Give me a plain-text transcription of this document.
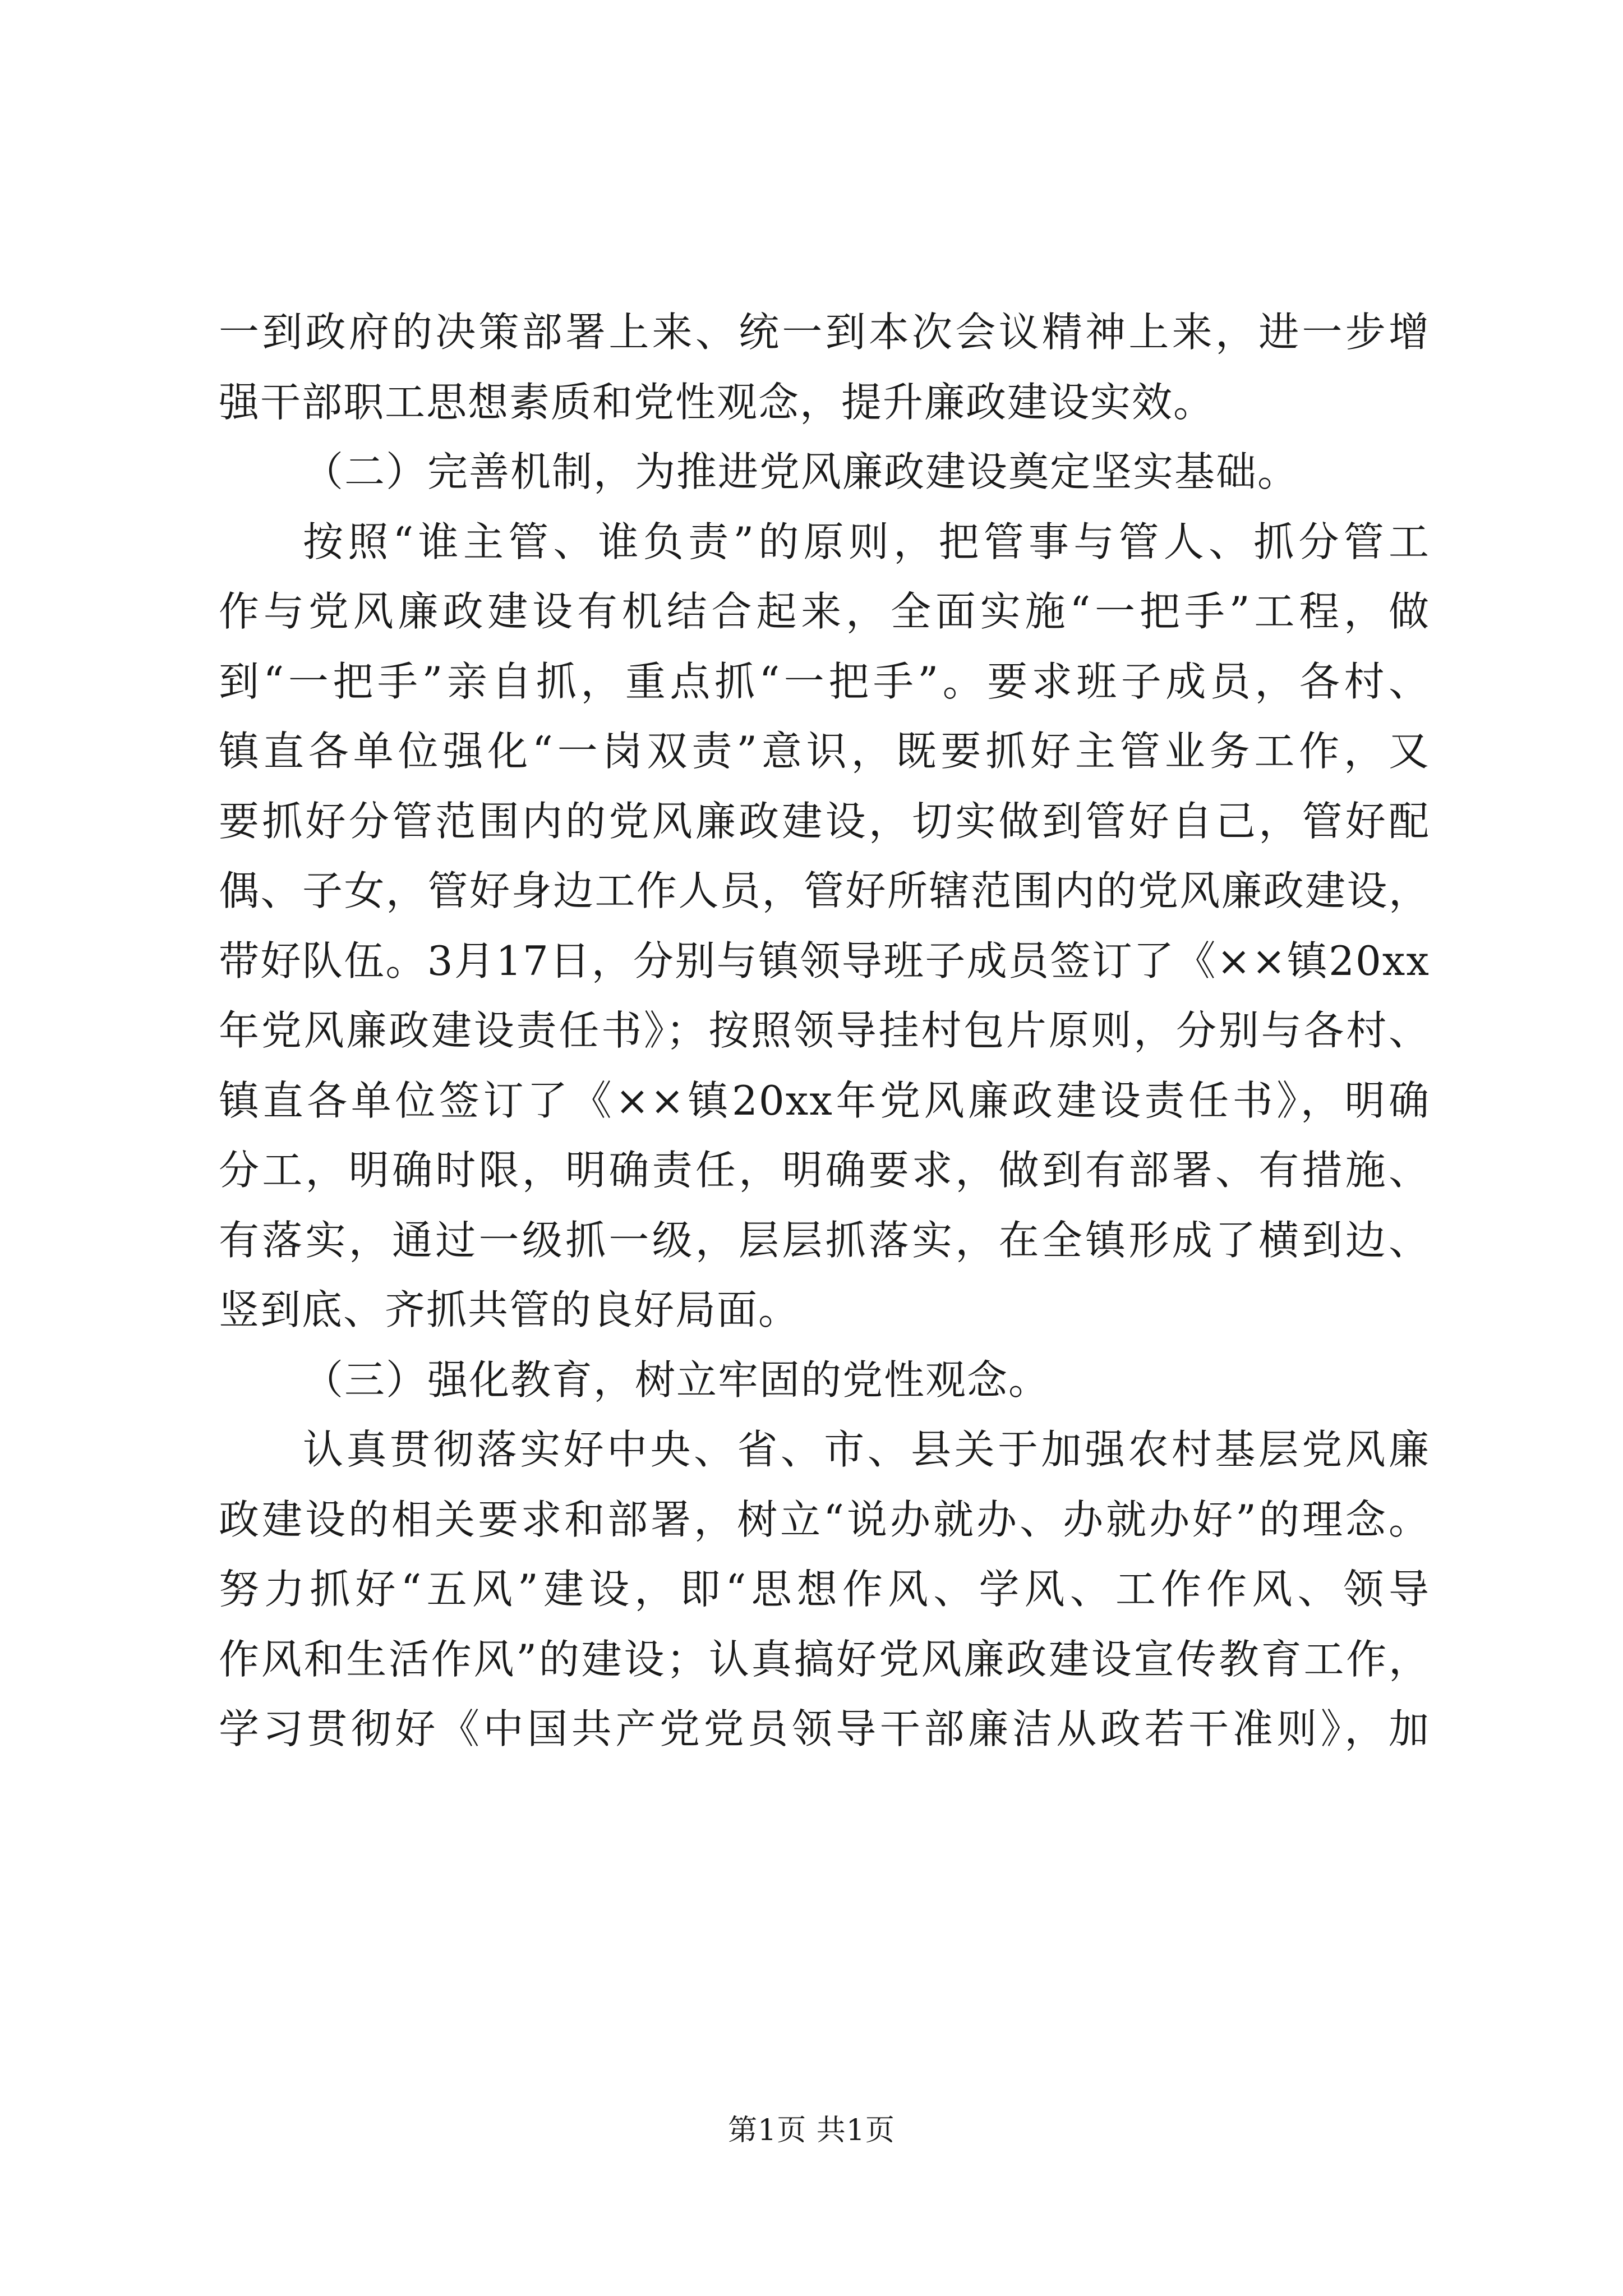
一到政府的决策部署上来、统一到本次会议精神上来，进一步增
强干部职工思想素质和党性观念，提升廉政建设实效。
（二）完善机制，为推进党风廉政建设奠定坚实基础。
按照“谁主管、谁负责”的原则，把管事与管人、抓分管工
作与党风廉政建设有机结合起来，全面实施“一把手”工程，做
到“一把手”亲自抓，重点抓“一把手”。要求班子成员，各村、
镇直各单位强化“一岗双责”意识，既要抓好主管业务工作，又
要抓好分管范围内的党风廉政建设，切实做到管好自己，管好配
偶、子女，管好身边工作人员，管好所辖范围内的党风廉政建设，
带好队伍。3月17日，分别与镇领导班子成员签订了《××镇20xx
年党风廉政建设责任书》；按照领导挂村包片原则，分别与各村、
镇直各单位签订了《××镇20xx年党风廉政建设责任书》，明确
分工，明确时限，明确责任，明确要求，做到有部署、有措施、
有落实，通过一级抓一级，层层抓落实，在全镇形成了横到边、
竖到底、齐抓共管的良好局面。
（三）强化教育，树立牢固的党性观念。
认真贯彻落实好中央、省、市、县关于加强农村基层党风廉
政建设的相关要求和部署，树立“说办就办、办就办好”的理念。
努力抓好“五风”建设，即“思想作风、学风、工作作风、领导
作风和生活作风”的建设；认真搞好党风廉政建设宣传教育工作，
学习贯彻好《中国共产党党员领导干部廉洁从政若干准则》，加
第1页 共1页
